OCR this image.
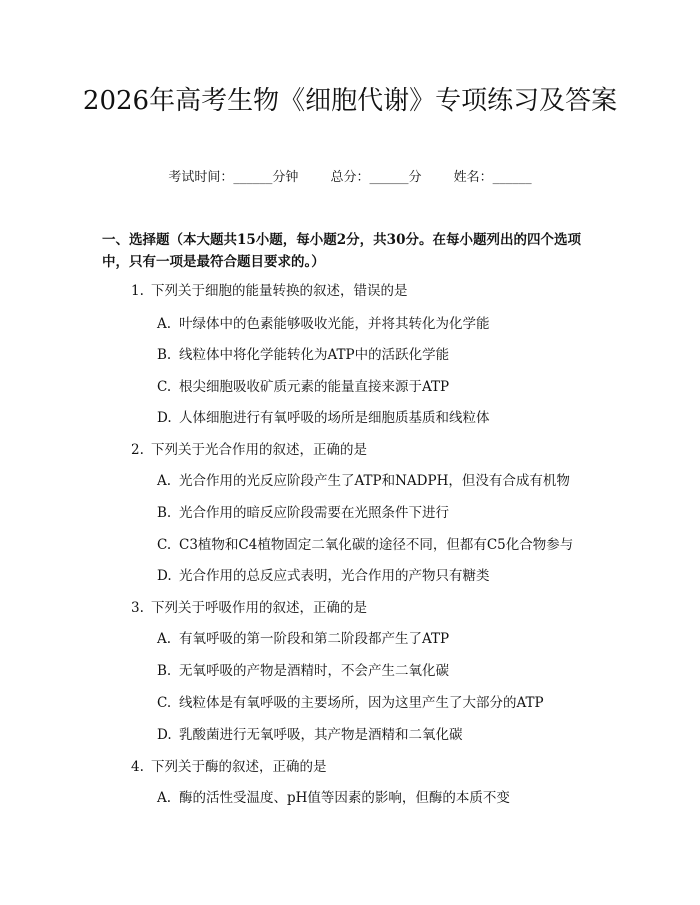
2026年高考生物《细胞代谢》专项练习及答案
考试时间：______分钟 总分：______分 姓名：______

一、选择题（本大题共15小题，每小题2分，共30分。在每小题列出的四个选项中，只有一项是最符合题目要求的。）

1. 下列关于细胞的能量转换的叙述，错误的是
A. 叶绿体中的色素能够吸收光能，并将其转化为化学能
B. 线粒体中将化学能转化为ATP中的活跃化学能
C. 根尖细胞吸收矿质元素的能量直接来源于ATP
D. 人体细胞进行有氧呼吸的场所是细胞质基质和线粒体
2. 下列关于光合作用的叙述，正确的是
A. 光合作用的光反应阶段产生了ATP和NADPH，但没有合成有机物
B. 光合作用的暗反应阶段需要在光照条件下进行
C. C3植物和C4植物固定二氧化碳的途径不同，但都有C5化合物参与
D. 光合作用的总反应式表明，光合作用的产物只有糖类
3. 下列关于呼吸作用的叙述，正确的是
A. 有氧呼吸的第一阶段和第二阶段都产生了ATP
B. 无氧呼吸的产物是酒精时，不会产生二氧化碳
C. 线粒体是有氧呼吸的主要场所，因为这里产生了大部分的ATP
D. 乳酸菌进行无氧呼吸，其产物是酒精和二氧化碳
4. 下列关于酶的叙述，正确的是
A. 酶的活性受温度、pH值等因素的影响，但酶的本质不变
